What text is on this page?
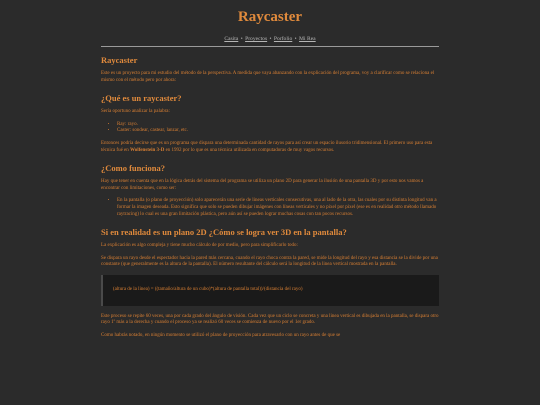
Raycaster
Casita • Proyectos • Porfolio • Mi Rea
Raycaster

Este es un proyecto para mi estudio del método de la perspectiva. A medida que vaya abanzando con la explicación del programa, voy a clarificar como se relaciona el mismo con el método pero por ahora:

¿Qué es un raycaster?

Sería oportuno analizar la palabra:

• Ray: rayo.
• Caster: sondear, castear, lanzar, etc.

Entonces podría decirse que es un programa que dispara una determinada cantidad de rayos para así crear un espacio ilusorio tridimensional. El primero uso para esta técnica fué en Wolfenstein 3-D en 1992 por lo que es una técnica utilizada en computadoras de muy vagos recursos.

¿Como funciona?

Hay que tener en cuenta que en la lógica detrás del sistema del programa se utiliza un plano 2D para generar la ilusión de una pantalla 3D y por esto nos vamos a encontrar con limitaciones, como ser:

• En la pantalla (o plano de proyección) solo aparecerán una serie de lineas verticales consecutivas, una al lado de la otra, las cuales por su distinta longitud van a formar la imagen deseada. Esto significa que solo se pueden dibujar imágenes con líneas verticales y no pixel por pixel (ese es en realidad otro método llamado raytracing) lo cual es una gran limitación plástica, pero aún así se pueden lograr muchas cosas con tan pocos recursos.
Si en realidad es un plano 2D ¿Cómo se logra ver 3D en la pantalla?

La explicación es algo compleja y tiene mucho cálculo de por medio, pero para simplificarlo todo:

Se dispara un rayo desde el espectador hacia la pared más cercana, cuando el rayo choca contra la pared, se mide la longitud del rayo y esa distancia se la divide por una constante (que generalmente es la altura de la pantalla). El número resultante del cálculo será la longitud de la linea vertical mostrada en la pantalla.

(altura de la linea) = ((tamaño/altura de un cubo)*(altura de pantalla total))/(distancia del rayo)

Este proceso se repite 60 veces, una por cada grado del ángulo de visión. Cada vez que un ciclo se concreta y una linea vertical es dibujada en la pantalla, se dispara otro rayo 1º más a la derecha y cuando el proceso ya se realizó 60 veces se comienza de nuevo por el 1er grado.

Como habrás notado, en ningún momento se utilizó el plano de proyección para atravesarlo con un rayo antes de que se
